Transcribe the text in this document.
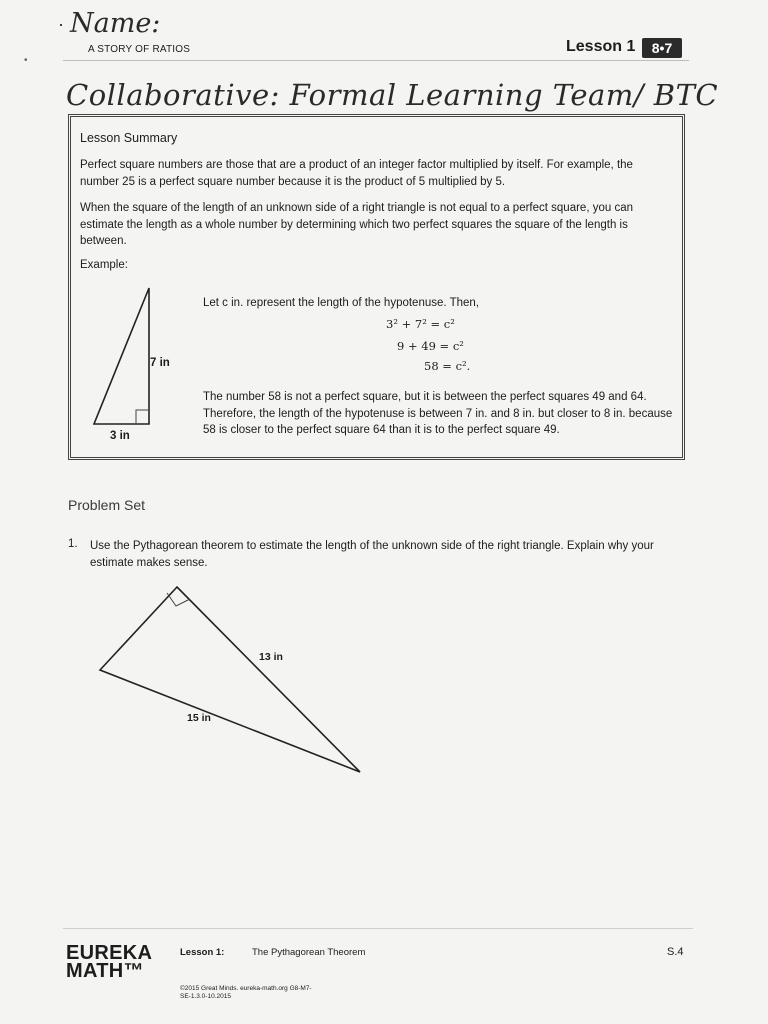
· Name:
•
A STORY OF RATIOS	Lesson 1	8•7
Collaborative: Formal Learning Team/ BTC
Lesson Summary
Perfect square numbers are those that are a product of an integer factor multiplied by itself. For example, the number 25 is a perfect square number because it is the product of 5 multiplied by 5.
When the square of the length of an unknown side of a right triangle is not equal to a perfect square, you can estimate the length as a whole number by determining which two perfect squares the square of the length is between.
Example:
7 in
3 in
Let c in. represent the length of the hypotenuse. Then,
3² + 7² = c²
9 + 49 = c²
58 = c².
The number 58 is not a perfect square, but it is between the perfect squares 49 and 64. Therefore, the length of the hypotenuse is between 7 in. and 8 in. but closer to 8 in. because 58 is closer to the perfect square 64 than it is to the perfect square 49.
Problem Set
1. Use the Pythagorean theorem to estimate the length of the unknown side of the right triangle. Explain why your estimate makes sense.
13 in
15 in
EUREKA MATH™
Lesson 1:	The Pythagorean Theorem	S.4
©2015 Great Minds. eureka-math.org G8-M7-SE-1.3.0-10.2015
